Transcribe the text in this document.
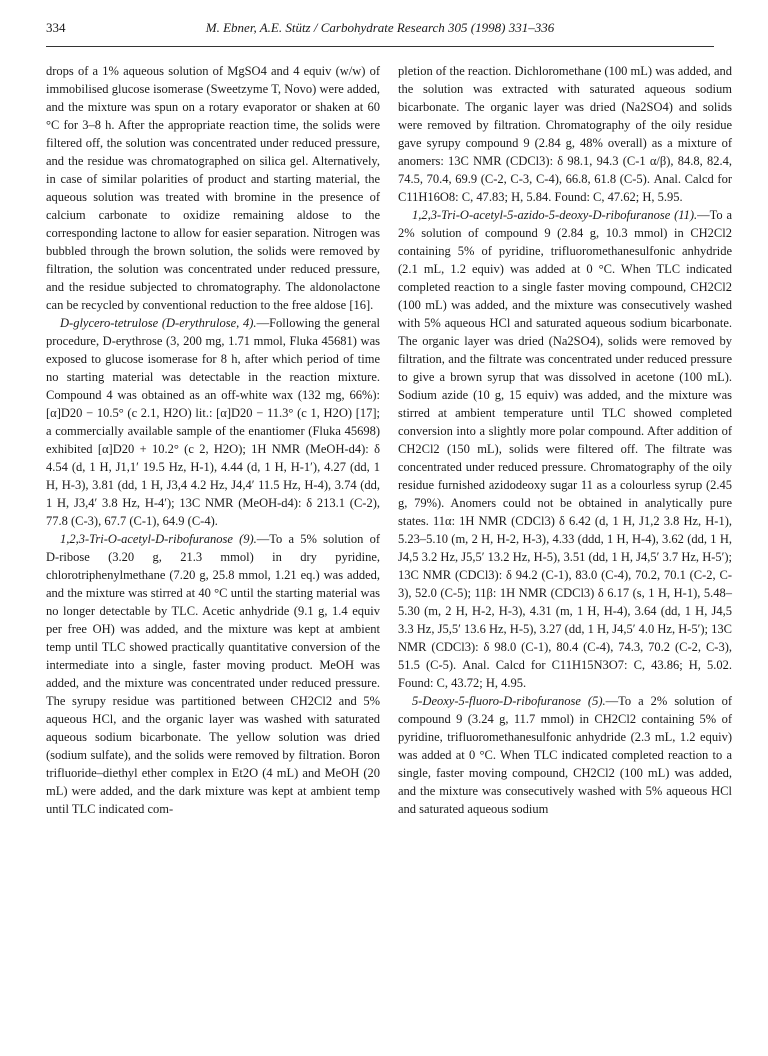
334	M. Ebner, A.E. Stütz / Carbohydrate Research 305 (1998) 331–336

drops of a 1% aqueous solution of MgSO4 and 4 equiv (w/w) of immobilised glucose isomerase (Sweetzyme T, Novo) were added, and the mixture was spun on a rotary evaporator or shaken at 60 °C for 3–8 h. After the appropriate reaction time, the solids were filtered off, the solution was concentrated under reduced pressure, and the residue was chromatographed on silica gel. Alternatively, in case of similar polarities of product and starting material, the aqueous solution was treated with bromine in the presence of calcium carbonate to oxidize remaining aldose to the corresponding lactone to allow for easier separation. Nitrogen was bubbled through the brown solution, the solids were removed by filtration, the solution was concentrated under reduced pressure, and the residue subjected to chromatography. The aldonolactone can be recycled by conventional reduction to the free aldose [16].

D-glycero-tetrulose (D-erythrulose, 4).—Following the general procedure, D-erythrose (3, 200 mg, 1.71 mmol, Fluka 45681) was exposed to glucose isomerase for 8 h, after which period of time no starting material was detectable in the reaction mixture. Compound 4 was obtained as an off-white wax (132 mg, 66%): [α]D20 − 10.5° (c 2.1, H2O) lit.: [α]D20 − 11.3° (c 1, H2O) [17]; a commercially available sample of the enantiomer (Fluka 45698) exhibited [α]D20 + 10.2° (c 2, H2O); 1H NMR (MeOH-d4): δ 4.54 (d, 1 H, J1,1′ 19.5 Hz, H-1), 4.44 (d, 1 H, H-1′), 4.27 (dd, 1 H, H-3), 3.81 (dd, 1 H, J3,4 4.2 Hz, J4,4′ 11.5 Hz, H-4), 3.74 (dd, 1 H, J3,4′ 3.8 Hz, H-4′); 13C NMR (MeOH-d4): δ 213.1 (C-2), 77.8 (C-3), 67.7 (C-1), 64.9 (C-4).

1,2,3-Tri-O-acetyl-D-ribofuranose (9).—To a 5% solution of D-ribose (3.20 g, 21.3 mmol) in dry pyridine, chlorotriphenylmethane (7.20 g, 25.8 mmol, 1.21 eq.) was added, and the mixture was stirred at 40 °C until the starting material was no longer detectable by TLC. Acetic anhydride (9.1 g, 1.4 equiv per free OH) was added, and the mixture was kept at ambient temp until TLC showed practically quantitative conversion of the intermediate into a single, faster moving product. MeOH was added, and the mixture was concentrated under reduced pressure. The syrupy residue was partitioned between CH2Cl2 and 5% aqueous HCl, and the organic layer was washed with saturated aqueous sodium bicarbonate. The yellow solution was dried (sodium sulfate), and the solids were removed by filtration. Boron trifluoride–diethyl ether complex in Et2O (4 mL) and MeOH (20 mL) were added, and the dark mixture was kept at ambient temp until TLC indicated com-

pletion of the reaction. Dichloromethane (100 mL) was added, and the solution was extracted with saturated aqueous sodium bicarbonate. The organic layer was dried (Na2SO4) and solids were removed by filtration. Chromatography of the oily residue gave syrupy compound 9 (2.84 g, 48% overall) as a mixture of anomers: 13C NMR (CDCl3): δ 98.1, 94.3 (C-1 α/β), 84.8, 82.4, 74.5, 70.4, 69.9 (C-2, C-3, C-4), 66.8, 61.8 (C-5). Anal. Calcd for C11H16O8: C, 47.83; H, 5.84. Found: C, 47.62; H, 5.95.

1,2,3-Tri-O-acetyl-5-azido-5-deoxy-D-ribofuranose (11).—To a 2% solution of compound 9 (2.84 g, 10.3 mmol) in CH2Cl2 containing 5% of pyridine, trifluoromethanesulfonic anhydride (2.1 mL, 1.2 equiv) was added at 0 °C. When TLC indicated completed reaction to a single faster moving compound, CH2Cl2 (100 mL) was added, and the mixture was consecutively washed with 5% aqueous HCl and saturated aqueous sodium bicarbonate. The organic layer was dried (Na2SO4), solids were removed by filtration, and the filtrate was concentrated under reduced pressure to give a brown syrup that was dissolved in acetone (100 mL). Sodium azide (10 g, 15 equiv) was added, and the mixture was stirred at ambient temperature until TLC showed completed conversion into a slightly more polar compound. After addition of CH2Cl2 (150 mL), solids were filtered off. The filtrate was concentrated under reduced pressure. Chromatography of the oily residue furnished azidodeoxy sugar 11 as a colourless syrup (2.45 g, 79%). Anomers could not be obtained in analytically pure states. 11α: 1H NMR (CDCl3) δ 6.42 (d, 1 H, J1,2 3.8 Hz, H-1), 5.23–5.10 (m, 2 H, H-2, H-3), 4.33 (ddd, 1 H, H-4), 3.62 (dd, 1 H, J4,5 3.2 Hz, J5,5′ 13.2 Hz, H-5), 3.51 (dd, 1 H, J4,5′ 3.7 Hz, H-5′); 13C NMR (CDCl3): δ 94.2 (C-1), 83.0 (C-4), 70.2, 70.1 (C-2, C-3), 52.0 (C-5); 11β: 1H NMR (CDCl3) δ 6.17 (s, 1 H, H-1), 5.48–5.30 (m, 2 H, H-2, H-3), 4.31 (m, 1 H, H-4), 3.64 (dd, 1 H, J4,5 3.3 Hz, J5,5′ 13.6 Hz, H-5), 3.27 (dd, 1 H, J4,5′ 4.0 Hz, H-5′); 13C NMR (CDCl3): δ 98.0 (C-1), 80.4 (C-4), 74.3, 70.2 (C-2, C-3), 51.5 (C-5). Anal. Calcd for C11H15N3O7: C, 43.86; H, 5.02. Found: C, 43.72; H, 4.95.

5-Deoxy-5-fluoro-D-ribofuranose (5).—To a 2% solution of compound 9 (3.24 g, 11.7 mmol) in CH2Cl2 containing 5% of pyridine, trifluoromethanesulfonic anhydride (2.3 mL, 1.2 equiv) was added at 0 °C. When TLC indicated completed reaction to a single, faster moving compound, CH2Cl2 (100 mL) was added, and the mixture was consecutively washed with 5% aqueous HCl and saturated aqueous sodium
